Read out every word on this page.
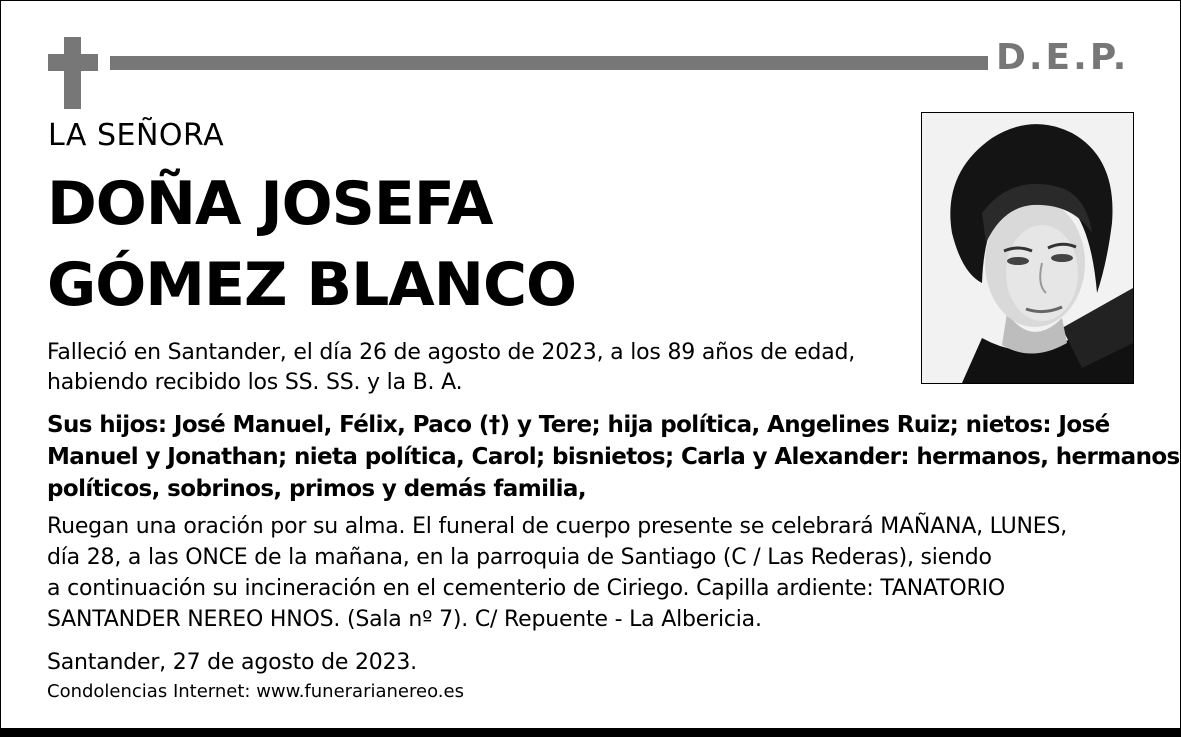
D.E.P.
LA SEÑORA
DOÑA JOSEFA
GÓMEZ BLANCO
Falleció en Santander, el día 26 de agosto de 2023, a los 89 años de edad,
habiendo recibido los SS. SS. y la B. A.
Sus hijos: José Manuel, Félix, Paco (†) y Tere; hija política, Angelines Ruiz; nietos: José
Manuel y Jonathan; nieta política, Carol; bisnietos; Carla y Alexander: hermanos, hermanos
políticos, sobrinos, primos y demás familia,
Ruegan una oración por su alma. El funeral de cuerpo presente se celebrará MAÑANA, LUNES,
día 28, a las ONCE de la mañana, en la parroquia de Santiago (C / Las Rederas), siendo
a continuación su incineración en el cementerio de Ciriego. Capilla ardiente: TANATORIO
SANTANDER NEREO HNOS. (Sala nº 7). C/ Repuente - La Albericia.
Santander, 27 de agosto de 2023.
Condolencias Internet: www.funerarianereo.es
